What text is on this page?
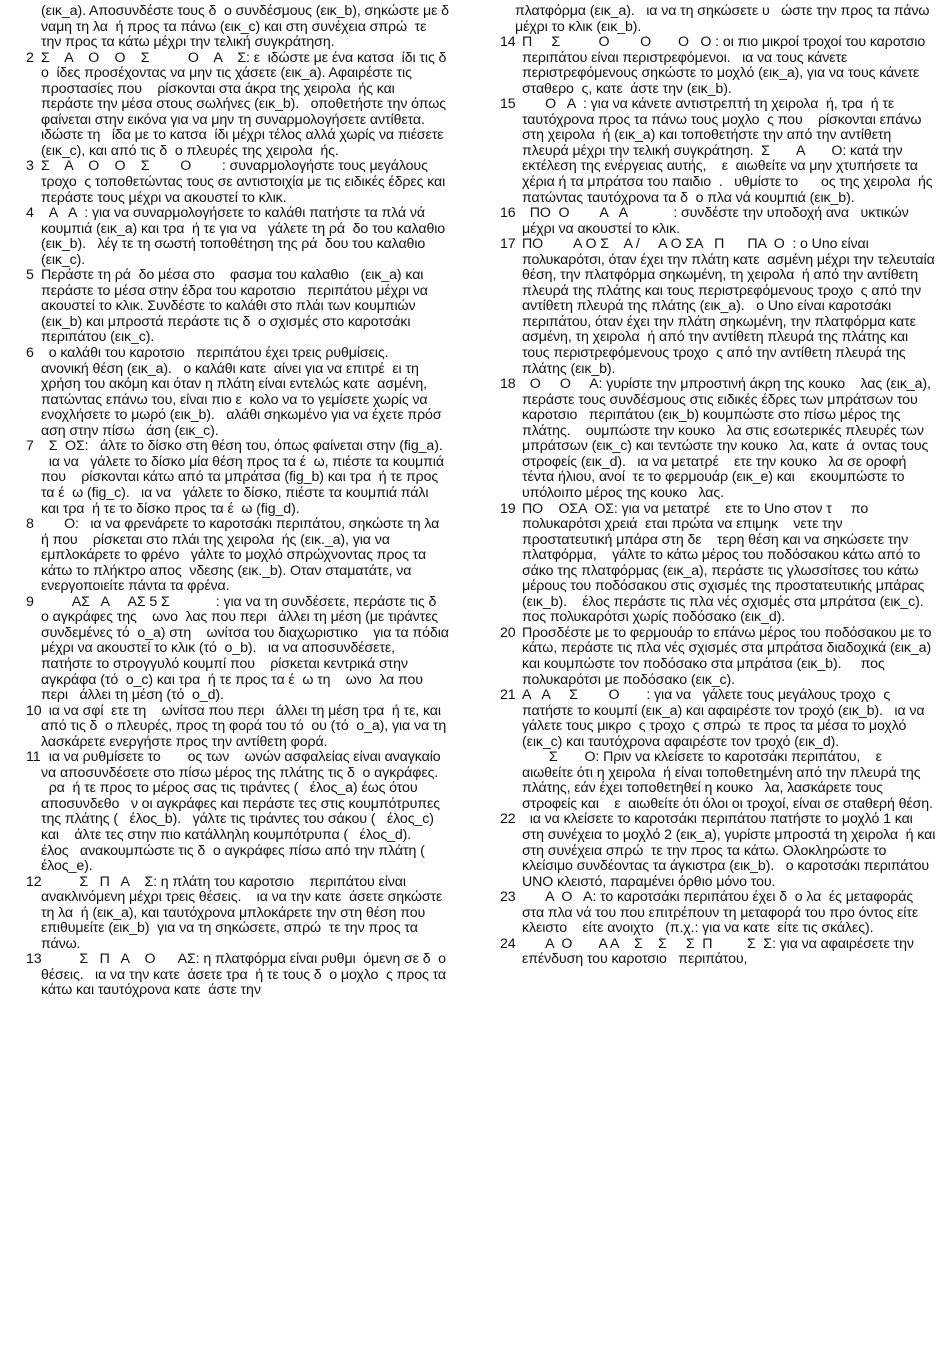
(εικ_a). Αποσυνδέστε τους δ  ο συνδέσμους (εικ_b), σηκώστε με δ  ναμη τη λα  ή προς τα πάνω (εικ_c) και στη συνέχεια σπρώ  τε την προς τα κάτω μέχρι την τελική συγκράτηση.

2 Σ    Α    Ο    Ο    Σ          Ο    Α    Σ: ε  ιδώστε με ένα κατσα  ίδι τις δ  ο  ίδες προσέχοντας να μην τις χάσετε (εικ_a). Αφαιρέστε τις προστασίες που    ρίσκονται στα άκρα της χειρολα  ής και περάστε την μέσα στους σωλήνες (εικ_b).   οποθετήστε την όπως φαίνεται στην εικόνα για να μην τη συναρμολογήσετε αντίθετα.   ιδώστε τη   ίδα με το κατσα  ίδι μέχρι τέλος αλλά χωρίς να πιέσετε (εικ_c), και από τις δ  ο πλευρές της χειρολα  ής.
3 Σ    Α    Ο    Ο    Σ        Ο        : συναρμολογήστε τους μεγάλους τροχο  ς τοποθετώντας τους σε αντιστοιχία με τις ειδικές έδρες και περάστε τους μέχρι να ακουστεί το κλικ.
4 Α   Α  : για να συναρμολογήσετε το καλάθι πατήστε τα πλά νά κουμπιά (εικ_a) και τρα  ή τε για να   γάλετε τη ρά  δο του καλαθιο   (εικ_b).   λέγ τε τη σωστή τοποθέτηση της ρά  δου του καλαθιο   (εικ_c).
5 Περάστε τη ρά  δο μέσα στο    φασμα του καλαθιο   (εικ_a) και περάστε το μέσα στην έδρα του καροτσιο   περιπάτου μέχρι να ακουστεί το κλικ. Συνδέστε το καλάθι στο πλάι των κουμπιών (εικ_b) και μπροστά περάστε τις δ  ο σχισμές στο καροτσάκι περιπάτου (εικ_c).
6 ο καλάθι του καροτσιο   περιπάτου έχει τρεις ρυθμίσεις.    ανονική θέση (εικ_a).   ο καλάθι κατε  αίνει για να επιτρέ  ει τη χρήση του ακόμη και όταν η πλάτη είναι εντελώς κατε  ασμένη, πατώντας επάνω του, είναι πιο ε  κολο να το γεμίσετε χωρίς να ενοχλήσετε το μωρό (εικ_b).   αλάθι σηκωμένο για να έχετε πρόσ  αση στην πίσω   άση (εικ_c).
7 Σ  ΟΣ:   άλτε το δίσκο στη θέση του, όπως φαίνεται στην (fig_a).
ια να   γάλετε το δίσκο μία θέση προς τα έ  ω, πιέστε τα κουμπιά που    ρίσκονται κάτω από τα μπράτσα (fig_b) και τρα  ή τε προς τα έ  ω (fig_c).   ια να   γάλετε το δίσκο, πιέστε τα κουμπιά πάλι και τρα  ή τε το δίσκο προς τα έ  ω (fig_d).
8 Ο:   ια να φρενάρετε το καροτσάκι περιπάτου, σηκώστε τη λα  ή που    ρίσκεται στο πλάι της χειρολα  ής (εικ._a), για να   εμπλοκάρετε το φρένο   γάλτε το μοχλό σπρώχνοντας προς τα κάτω το πλήκτρο απος  νδεσης (εικ._b). Οταν σταματάτε, να ενεργοποιείτε πάντα τα φρένα.
9 ΑΣ   Α     ΑΣ 5 Σ            : για να τη συνδέσετε, περάστε τις δ  ο αγκράφες της    ωνο  λας που περι   άλλει τη μέση (με τιράντες συνδεμένες τό  o_a) στη    ωνίτσα του διαχωριστικο    για τα πόδια μέχρι να ακουστεί το κλικ (τό  o_b).   ια να αποσυνδέσετε, πατήστε το στρογγυλό κουμπί που    ρίσκεται κεντρικά στην αγκράφα (τό  o_c) και τρα  ή τε προς τα έ  ω τη    ωνο  λα που περι   άλλει τη μέση (τό  o_d).
10 ια να σφί  ετε τη    ωνίτσα που περι   άλλει τη μέση τρα  ή τε, και από τις δ  ο πλευρές, προς τη φορά του τό  ου (τό  o_a), για να τη λασκάρετε ενεργήστε προς την αντίθετη φορά.
11 ια να ρυθμίσετε το       ος των    ωνών ασφαλείας είναι αναγκαίο να αποσυνδέσετε στο πίσω μέρος της πλάτης τις δ  ο αγκράφες.
ρα  ή τε προς το μέρος σας τις τιράντες (   έλος_a) έως ότου αποσυνδεθο   ν οι αγκράφες και περάστε τες στις κουμπότρυπες της πλάτης (   έλος_b).   γάλτε τις τιράντες του σάκου (   έλος_c) και    άλτε τες στην πιο κατάλληλη κουμπότρυπα (   έλος_d).   έλος   ανακουμπώστε τις δ  ο αγκράφες πίσω από την πλάτη (   έλος_e).
12 Σ   Π   Α    Σ: η πλάτη του καροτσιο    περιπάτου είναι ανακλινόμενη μέχρι τρεις θέσεις.    ια να την κατε  άσετε σηκώστε τη λα  ή (εικ_a), και ταυτόχρονα μπλοκάρετε την στη θέση που επιθυμείτε (εικ_b)  για να τη σηκώσετε, σπρώ  τε την προς τα πάνω.
13 Σ   Π   Α    Ο      ΑΣ: η πλατφόρμα είναι ρυθμι  όμενη σε δ  ο θέσεις.   ια να την κατε  άσετε τρα  ή τε τους δ  ο μοχλο  ς προς τα κάτω και ταυτόχρονα κατε  άστε την

πλατφόρμα (εικ_a).   ια να τη σηκώσετε υ   ώστε την προς τα πάνω μέχρι το κλικ (εικ_b).

14 Π     Σ          Ο        Ο       Ο   Ο : οι πιο μικροί τροχοί του καροτσιο    περιπάτου είναι περιστρεφόμενοι.   ια να τους κάνετε περιστρεφόμενους σηκώστε το μοχλό (εικ_a), για να τους κάνετε σταθερο  ς, κατε  άστε την (εικ_b).
15 Ο   Α  : για να κάνετε αντιστρεπτή τη χειρολα  ή, τρα  ή τε ταυτόχρονα προς τα πάνω τους μοχλο  ς που    ρίσκονται επάνω στη χειρολα  ή (εικ_a) και τοποθετήστε την από την αντίθετη πλευρά μέχρι την τελική συγκράτηση.  Σ       Α       Ο: κατά την εκτέλεση της ενέργειας αυτής,    ε  αιωθείτε να μην χτυπήσετε τα χέρια ή τα μπράτσα του παιδιο  .   υθμίστε το      ος της χειρολα  ής πατώντας ταυτόχρονα τα δ  ο πλα νά κουμπιά (εικ_b).
16 ΠΟ  Ο        Α   Α            : συνδέστε την υποδοχή ανα   υκτικών μέχρι να ακουστεί το κλικ.
17 ΠΟ        Α Ο Σ    Α /     Α Ο ΣΑ   Π      ΠΑ  Ο  : ο Uno είναι πολυκαρότσι, όταν έχει την πλάτη κατε  ασμένη μέχρι την τελευταία θέση, την πλατφόρμα σηκωμένη, τη χειρολα  ή από την αντίθετη πλευρά της πλάτης και τους περιστρεφόμενους τροχο  ς από την αντίθετη πλευρά της πλάτης (εικ_a).   ο Uno είναι καροτσάκι περιπάτου, όταν έχει την πλάτη σηκωμένη, την πλατφόρμα κατε  ασμένη, τη χειρολα  ή από την αντίθετη πλευρά της πλάτης και τους περιστρεφόμενους τροχο  ς από την αντίθετη πλευρά της πλάτης (εικ_b).
18 Ο     Ο     Α: γυρίστε την μπροστινή άκρη της κουκο    λας (εικ_a), περάστε τους συνδέσμους στις ειδικές έδρες των μπράτσων του καροτσιο   περιπάτου (εικ_b) κουμπώστε στο πίσω μέρος της πλάτης.    ουμπώστε την κουκο   λα στις εσωτερικές πλευρές των μπράτσων (εικ_c) και τεντώστε την κουκο   λα, κατε  ά  οντας τους στροφείς (εικ_d).   ια να μετατρέ    ετε την κουκο   λα σε οροφή τέντα ήλιου, ανοί  τε το φερμουάρ (εικ_e) και    εκουμπώστε το υπόλοιπο μέρος της κουκο   λας.
19 ΠΟ    ΟΣΑ  ΟΣ: για να μετατρέ    ετε το Uno στον τ     πο πολυκαρότσι χρειά  εται πρώτα να επιμηκ    νετε την προστατευτική μπάρα στη δε    τερη θέση και να σηκώσετε την πλατφόρμα,    γάλτε το κάτω μέρος του ποδόσακου κάτω από το σάκο της πλατφόρμας (εικ_a), περάστε τις γλωσσίτσες του κάτω μέρους του ποδόσακου στις σχισμές της προστατευτικής μπάρας (εικ_b).    έλος περάστε τις πλα νές σχισμές στα μπράτσα (εικ_c).     πος πολυκαρότσι χωρίς ποδόσακο (εικ_d).
20 Προσδέστε με το φερμουάρ το επάνω μέρος του ποδόσακου με το κάτω, περάστε τις πλα νές σχισμές στα μπράτσα διαδοχικά (εικ_a) και κουμπώστε τον ποδόσακο στα μπράτσα (εικ_b).     πος πολυκαρότσι με ποδόσακο (εικ_c).
21 Α   Α     Σ        Ο       : για να   γάλετε τους μεγάλους τροχο  ς πατήστε το κουμπί (εικ_a) και αφαιρέστε τον τροχό (εικ_b).   ια να   γάλετε τους μικρο  ς τροχο  ς σπρώ  τε προς τα μέσα το μοχλό (εικ_c) και ταυτόχρονα αφαιρέστε τον τροχό (εικ_d).
Σ       Ο: Πριν να κλείσετε το καροτσάκι περιπάτου,    ε  αιωθείτε ότι η χειρολα  ή είναι τοποθετημένη από την πλευρά της πλάτης, εάν έχει τοποθετηθεί η κουκο   λα, λασκάρετε τους στροφείς και    ε  αιωθείτε ότι όλοι οι τροχοί, είναι σε σταθερή θέση.
22 ια να κλείσετε το καροτσάκι περιπάτου πατήστε το μοχλό 1 και στη συνέχεια το μοχλό 2 (εικ_a), γυρίστε μπροστά τη χειρολα  ή και στη συνέχεια σπρώ  τε την προς τα κάτω. Ολοκληρώστε το κλείσιμο συνδέοντας τα άγκιστρα (εικ_b).   ο καροτσάκι περιπάτου UNO κλειστό, παραμένει όρθιο μόνο του.
23 Α  Ο   Α: το καροτσάκι περιπάτου έχει δ  ο λα  ές μεταφοράς στα πλα νά του που επιτρέπουν τη μεταφορά του προ όντος είτε κλειστο    είτε ανοιχτο   (π.χ.: για να κατε  είτε τις σκάλες).
24 Α  Ο       Α Α    Σ    Σ     Σ  Π         Σ  Σ: για να αφαιρέσετε την επένδυση του καροτσιο   περιπάτου,
